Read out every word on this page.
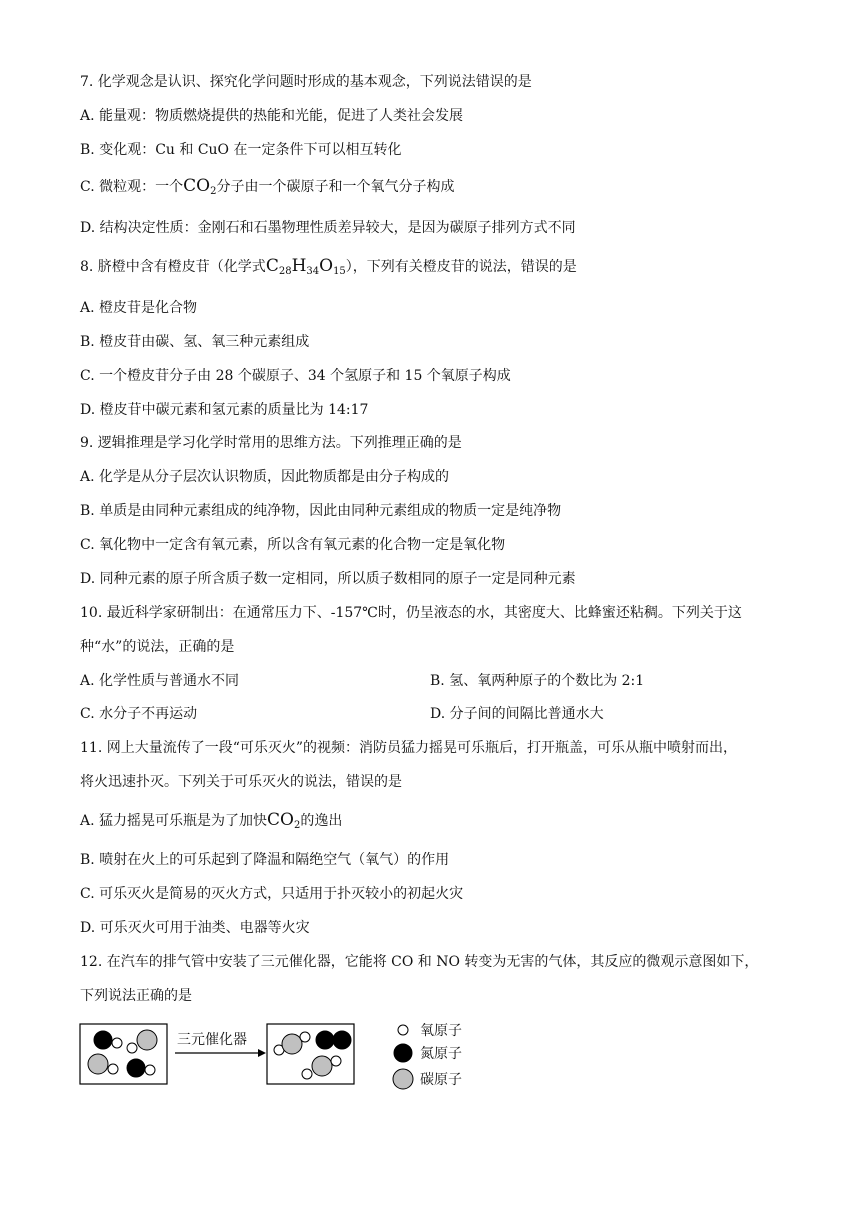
7. 化学观念是认识、探究化学问题时形成的基本观念，下列说法错误的是
A. 能量观：物质燃烧提供的热能和光能，促进了人类社会发展
B. 变化观：Cu 和 CuO 在一定条件下可以相互转化
C. 微粒观：一个$CO_2$分子由一个碳原子和一个氧气分子构成
D. 结构决定性质：金刚石和石墨物理性质差异较大，是因为碳原子排列方式不同
8. 脐橙中含有橙皮苷（化学式$C_{28}H_{34}O_{15}$），下列有关橙皮苷的说法，错误的是
A. 橙皮苷是化合物
B. 橙皮苷由碳、氢、氧三种元素组成
C. 一个橙皮苷分子由 28 个碳原子、34 个氢原子和 15 个氧原子构成
D. 橙皮苷中碳元素和氢元素的质量比为 14:17
9. 逻辑推理是学习化学时常用的思维方法。下列推理正确的是
A. 化学是从分子层次认识物质，因此物质都是由分子构成的
B. 单质是由同种元素组成的纯净物，因此由同种元素组成的物质一定是纯净物
C. 氧化物中一定含有氧元素，所以含有氧元素的化合物一定是氧化物
D. 同种元素的原子所含质子数一定相同，所以质子数相同的原子一定是同种元素
10. 最近科学家研制出：在通常压力下、-157℃时，仍呈液态的水，其密度大、比蜂蜜还粘稠。下列关于这
种“水”的说法，正确的是
A. 化学性质与普通水不同	B. 氢、氧两种原子的个数比为 2:1
C. 水分子不再运动	D. 分子间的间隔比普通水大
11. 网上大量流传了一段“可乐灭火”的视频：消防员猛力摇晃可乐瓶后，打开瓶盖，可乐从瓶中喷射而出，
将火迅速扑灭。下列关于可乐灭火的说法，错误的是
A. 猛力摇晃可乐瓶是为了加快$CO_2$的逸出
B. 喷射在火上的可乐起到了降温和隔绝空气（氧气）的作用
C. 可乐灭火是简易的灭火方式，只适用于扑灭较小的初起火灾
D. 可乐灭火可用于油类、电器等火灾
12. 在汽车的排气管中安装了三元催化器，它能将 CO 和 NO 转变为无害的气体，其反应的微观示意图如下，
下列说法正确的是
三元催化器
氧原子
氮原子
碳原子
